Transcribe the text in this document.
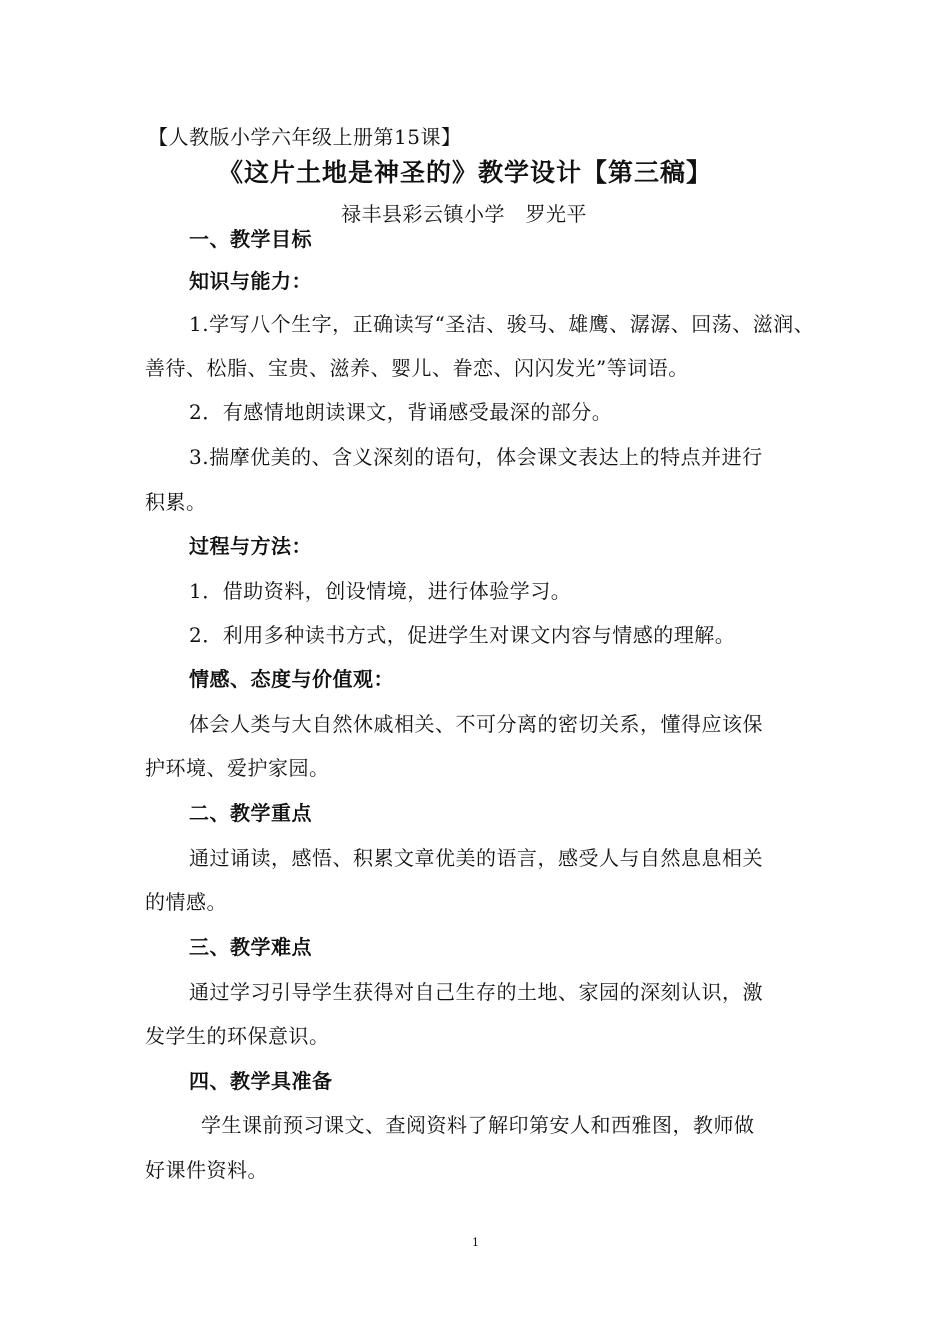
【人教版小学六年级上册第15课】
《这片土地是神圣的》教学设计【第三稿】
禄丰县彩云镇小学　罗光平
一、教学目标
知识与能力：
1.学写八个生字，正确读写“圣洁、骏马、雄鹰、潺潺、回荡、滋润、
善待、松脂、宝贵、滋养、婴儿、眷恋、闪闪发光”等词语。
2．有感情地朗读课文，背诵感受最深的部分。
3.揣摩优美的、含义深刻的语句，体会课文表达上的特点并进行
积累。
过程与方法：
1．借助资料，创设情境，进行体验学习。
2．利用多种读书方式，促进学生对课文内容与情感的理解。
情感、态度与价值观：
体会人类与大自然休戚相关、不可分离的密切关系，懂得应该保
护环境、爱护家园。
二、教学重点
通过诵读，感悟、积累文章优美的语言，感受人与自然息息相关
的情感。
三、教学难点
通过学习引导学生获得对自己生存的土地、家园的深刻认识，激
发学生的环保意识。
四、教学具准备
学生课前预习课文、查阅资料了解印第安人和西雅图，教师做
好课件资料。
1
